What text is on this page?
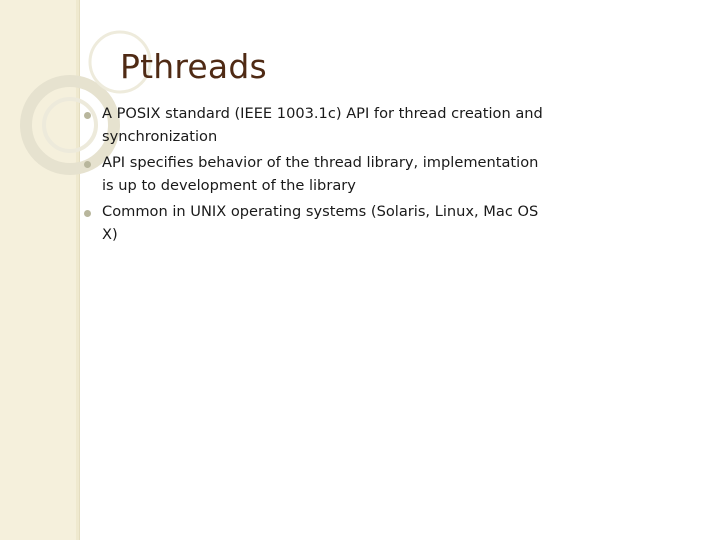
Pthreads
A POSIX standard (IEEE 1003.1c) API for thread creation and synchronization
API specifies behavior of the thread library, implementation is up to development of the library
Common in UNIX operating systems (Solaris, Linux, Mac OS X)
